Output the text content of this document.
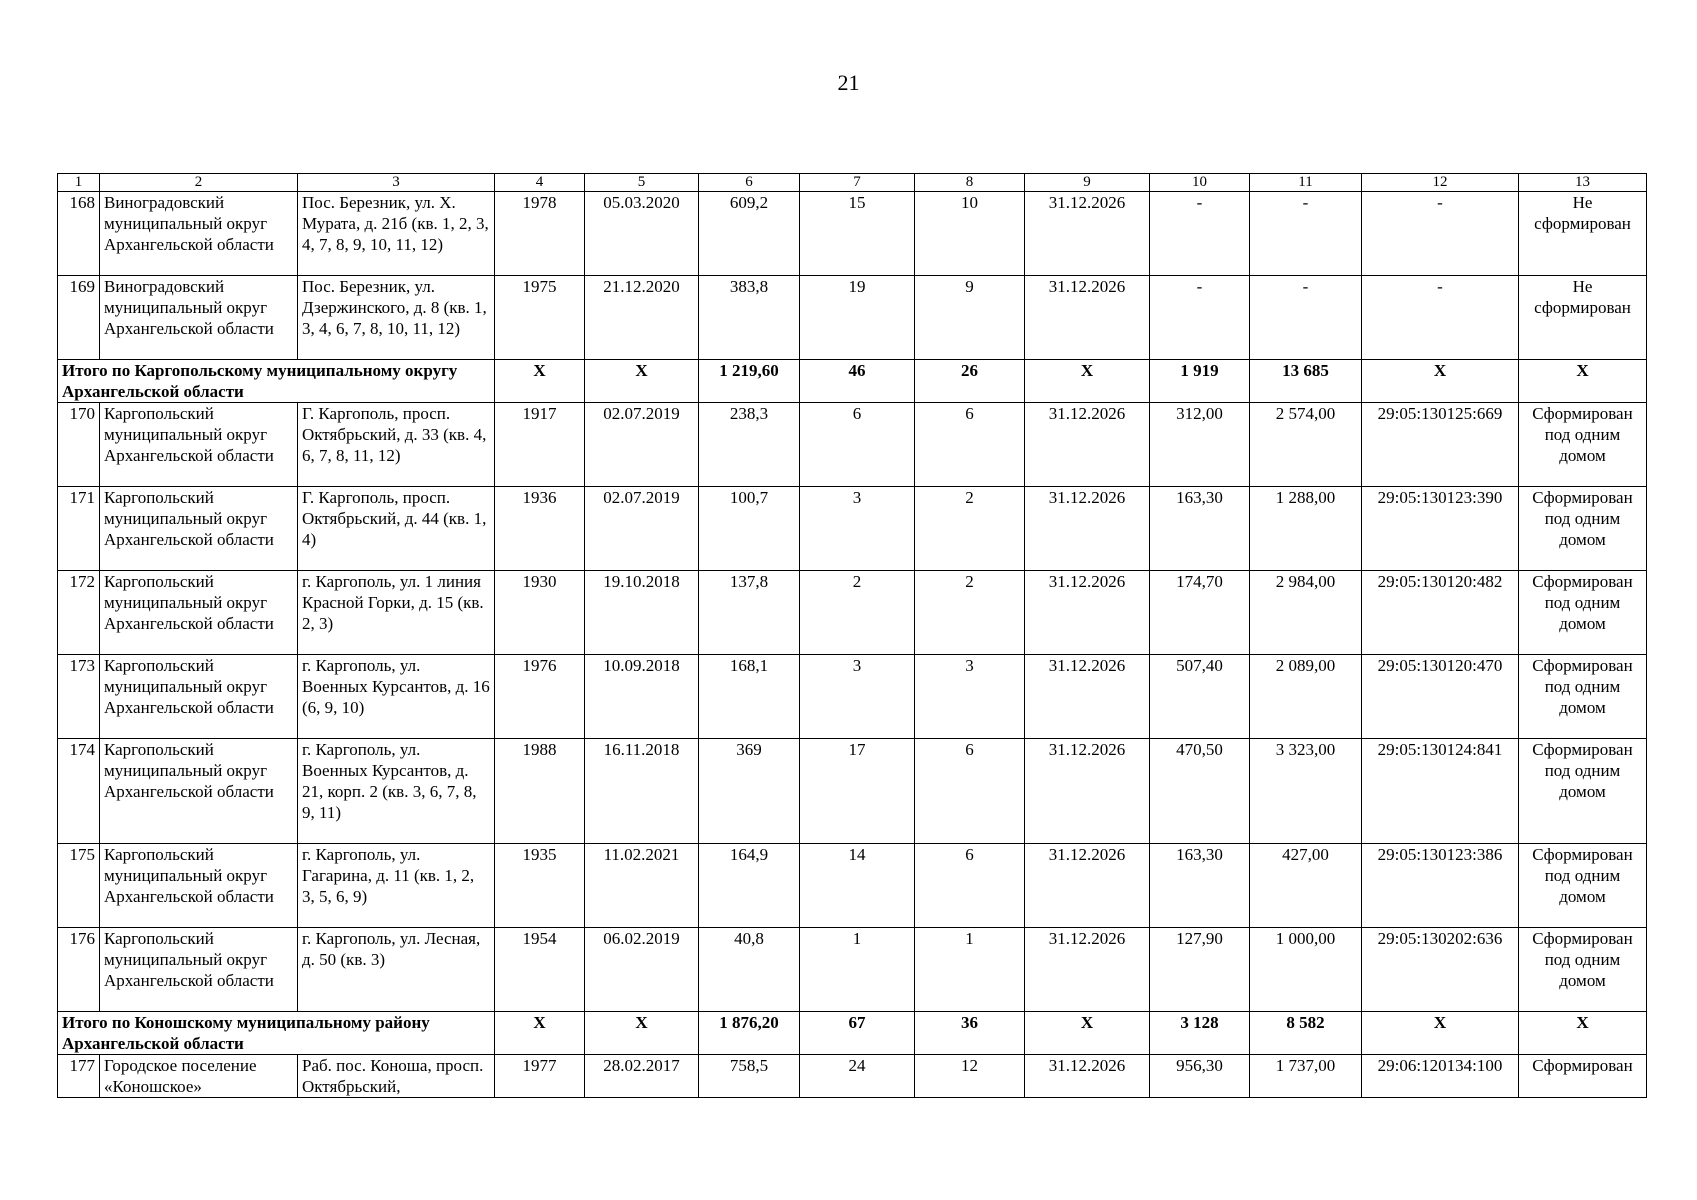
21
1	2	3	4	5	6	7	8	9	10	11	12	13
168	Виноградовский муниципальный округ Архангельской области	Пос. Березник, ул. Х. Мурата, д. 21б (кв. 1, 2, 3, 4, 7, 8, 9, 10, 11, 12)	1978	05.03.2020	609,2	15	10	31.12.2026	-	-	-	Не сформирован
169	Виноградовский муниципальный округ Архангельской области	Пос. Березник, ул. Дзержинского, д. 8 (кв. 1, 3, 4, 6, 7, 8, 10, 11, 12)	1975	21.12.2020	383,8	19	9	31.12.2026	-	-	-	Не сформирован
Итого по Каргопольскому муниципальному округу Архангельской области			Х	Х	1 219,60	46	26	Х	1 919	13 685	Х	Х
170	Каргопольский муниципальный округ Архангельской области	Г. Каргополь, просп. Октябрьский, д. 33 (кв. 4, 6, 7, 8, 11, 12)	1917	02.07.2019	238,3	6	6	31.12.2026	312,00	2 574,00	29:05:130125:669	Сформирован под одним домом
171	Каргопольский муниципальный округ Архангельской области	Г. Каргополь, просп. Октябрьский, д. 44 (кв. 1, 4)	1936	02.07.2019	100,7	3	2	31.12.2026	163,30	1 288,00	29:05:130123:390	Сформирован под одним домом
172	Каргопольский муниципальный округ Архангельской области	г. Каргополь, ул. 1 линия Красной Горки, д. 15 (кв. 2, 3)	1930	19.10.2018	137,8	2	2	31.12.2026	174,70	2 984,00	29:05:130120:482	Сформирован под одним домом
173	Каргопольский муниципальный округ Архангельской области	г. Каргополь, ул. Военных Курсантов, д. 16 (6, 9, 10)	1976	10.09.2018	168,1	3	3	31.12.2026	507,40	2 089,00	29:05:130120:470	Сформирован под одним домом
174	Каргопольский муниципальный округ Архангельской области	г. Каргополь, ул. Военных Курсантов, д. 21, корп. 2 (кв. 3, 6, 7, 8, 9, 11)	1988	16.11.2018	369	17	6	31.12.2026	470,50	3 323,00	29:05:130124:841	Сформирован под одним домом
175	Каргопольский муниципальный округ Архангельской области	г. Каргополь, ул. Гагарина, д. 11 (кв. 1, 2, 3, 5, 6, 9)	1935	11.02.2021	164,9	14	6	31.12.2026	163,30	427,00	29:05:130123:386	Сформирован под одним домом
176	Каргопольский муниципальный округ Архангельской области	г. Каргополь, ул. Лесная, д. 50 (кв. 3)	1954	06.02.2019	40,8	1	1	31.12.2026	127,90	1 000,00	29:05:130202:636	Сформирован под одним домом
Итого по Коношскому муниципальному району Архангельской области			Х	Х	1 876,20	67	36	Х	3 128	8 582	Х	Х
177	Городское поселение «Коношское»	Раб. пос. Коноша, просп. Октябрьский,	1977	28.02.2017	758,5	24	12	31.12.2026	956,30	1 737,00	29:06:120134:100	Сформирован
